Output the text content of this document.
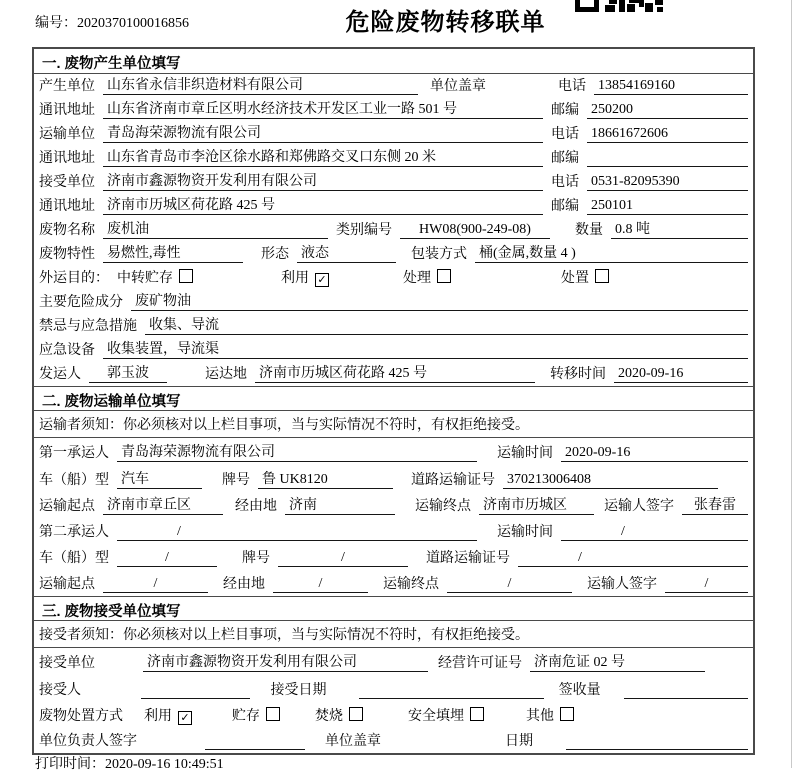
编号：2020370100016856	危险废物转移联单
一. 废物产生单位填写
产生单位 山东省永信非织造材料有限公司	单位盖章	电话 13854169160
通讯地址 山东省济南市章丘区明水经济技术开发区工业一路 501 号	邮编 250200
运输单位 青岛海荣源物流有限公司	电话 18661672606
通讯地址 山东省青岛市李沧区徐水路和郑佛路交叉口东侧 20 米	邮编
接受单位 济南市鑫源物资开发利用有限公司	电话 0531-82095390
通讯地址 济南市历城区荷花路 425 号	邮编 250101
废物名称 废机油	类别编号	HW08(900-249-08)	数量 0.8 吨
废物特性 易燃性,毒性	形态 液态	包装方式 桶(金属,数量 4 )
外运目的： 中转贮存	利用 ✓	处理	处置
主要危险成分 废矿物油
禁忌与应急措施 收集、导流
应急设备 收集装置，导流渠
发运人	郭玉波	运达地 济南市历城区荷花路 425 号	转移时间 2020-09-16
二. 废物运输单位填写
运输者须知：你必须核对以上栏目事项，当与实际情况不符时，有权拒绝接受。
第一承运人 青岛海荣源物流有限公司	运输时间 2020-09-16
车（船）型 汽车	牌号 鲁 UK8120	道路运输证号 370213006408
运输起点 济南市章丘区	经由地 济南	运输终点 济南市历城区	运输人签字	张春雷
第二承运人	/	运输时间	/
车（船）型	/	牌号	/	道路运输证号	/
运输起点	/	经由地	/	运输终点	/	运输人签字	/
三. 废物接受单位填写
接受者须知：你必须核对以上栏目事项，当与实际情况不符时，有权拒绝接受。
接受单位	济南市鑫源物资开发利用有限公司	经营许可证号 济南危证 02 号
接受人	接受日期	签收量
废物处置方式 利用 ✓	贮存	焚烧	安全填埋	其他
单位负责人签字	单位盖章	日期
打印时间：2020-09-16 10:49:51
